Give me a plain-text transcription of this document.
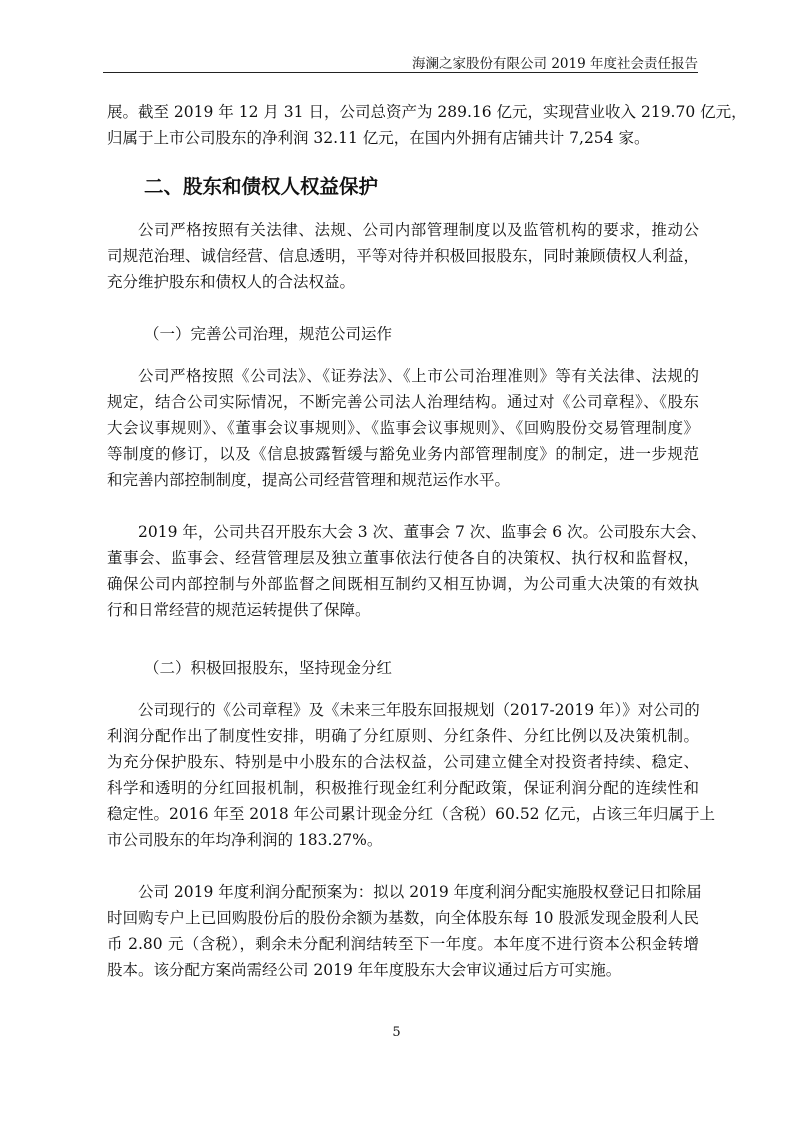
海澜之家股份有限公司 2019 年度社会责任报告
展。截至 2019 年 12 月 31 日，公司总资产为 289.16 亿元，实现营业收入 219.70 亿元，
归属于上市公司股东的净利润 32.11 亿元，在国内外拥有店铺共计 7,254 家。
二、股东和债权人权益保护
公司严格按照有关法律、法规、公司内部管理制度以及监管机构的要求，推动公
司规范治理、诚信经营、信息透明，平等对待并积极回报股东，同时兼顾债权人利益，
充分维护股东和债权人的合法权益。

（一）完善公司治理，规范公司运作

公司严格按照《公司法》、《证券法》、《上市公司治理准则》等有关法律、法规的
规定，结合公司实际情况，不断完善公司法人治理结构。通过对《公司章程》、《股东
大会议事规则》、《董事会议事规则》、《监事会议事规则》、《回购股份交易管理制度》
等制度的修订，以及《信息披露暂缓与豁免业务内部管理制度》的制定，进一步规范
和完善内部控制制度，提高公司经营管理和规范运作水平。
2019 年，公司共召开股东大会 3 次、董事会 7 次、监事会 6 次。公司股东大会、
董事会、监事会、经营管理层及独立董事依法行使各自的决策权、执行权和监督权，
确保公司内部控制与外部监督之间既相互制约又相互协调，为公司重大决策的有效执
行和日常经营的规范运转提供了保障。

（二）积极回报股东，坚持现金分红

公司现行的《公司章程》及《未来三年股东回报规划（2017-2019 年）》对公司的
利润分配作出了制度性安排，明确了分红原则、分红条件、分红比例以及决策机制。
为充分保护股东、特别是中小股东的合法权益，公司建立健全对投资者持续、稳定、
科学和透明的分红回报机制，积极推行现金红利分配政策，保证利润分配的连续性和
稳定性。2016 年至 2018 年公司累计现金分红（含税）60.52 亿元，占该三年归属于上
市公司股东的年均净利润的 183.27%。
公司 2019 年度利润分配预案为：拟以 2019 年度利润分配实施股权登记日扣除届
时回购专户上已回购股份后的股份余额为基数，向全体股东每 10 股派发现金股利人民
币 2.80 元（含税），剩余未分配利润结转至下一年度。本年度不进行资本公积金转增
股本。该分配方案尚需经公司 2019 年年度股东大会审议通过后方可实施。
5
